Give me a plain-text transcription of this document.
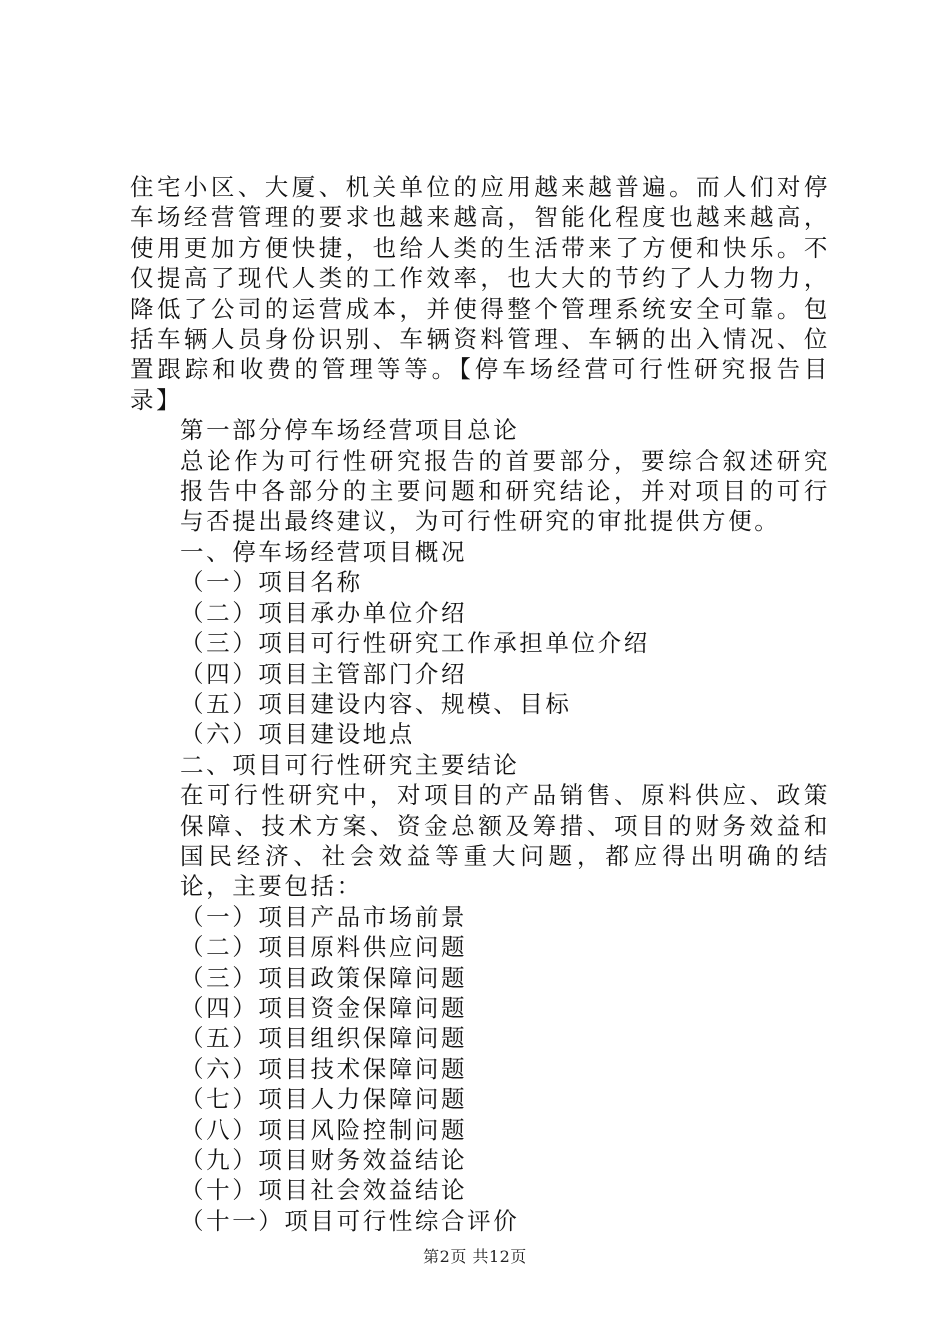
住宅小区、大厦、机关单位的应用越来越普遍。而人们对停车场经营管理的要求也越来越高，智能化程度也越来越高，使用更加方便快捷，也给人类的生活带来了方便和快乐。不仅提高了现代人类的工作效率，也大大的节约了人力物力，降低了公司的运营成本，并使得整个管理系统安全可靠。包括车辆人员身份识别、车辆资料管理、车辆的出入情况、位置跟踪和收费的管理等等。【停车场经营可行性研究报告目录】

第一部分停车场经营项目总论

总论作为可行性研究报告的首要部分，要综合叙述研究报告中各部分的主要问题和研究结论，并对项目的可行与否提出最终建议，为可行性研究的审批提供方便。

一、停车场经营项目概况

（一）项目名称

（二）项目承办单位介绍

（三）项目可行性研究工作承担单位介绍

（四）项目主管部门介绍

（五）项目建设内容、规模、目标

（六）项目建设地点

二、项目可行性研究主要结论

在可行性研究中，对项目的产品销售、原料供应、政策保障、技术方案、资金总额及筹措、项目的财务效益和国民经济、社会效益等重大问题，都应得出明确的结论，主要包括：

（一）项目产品市场前景

（二）项目原料供应问题

（三）项目政策保障问题

（四）项目资金保障问题

（五）项目组织保障问题

（六）项目技术保障问题

（七）项目人力保障问题

（八）项目风险控制问题

（九）项目财务效益结论

（十）项目社会效益结论

（十一）项目可行性综合评价

第2页 共12页
